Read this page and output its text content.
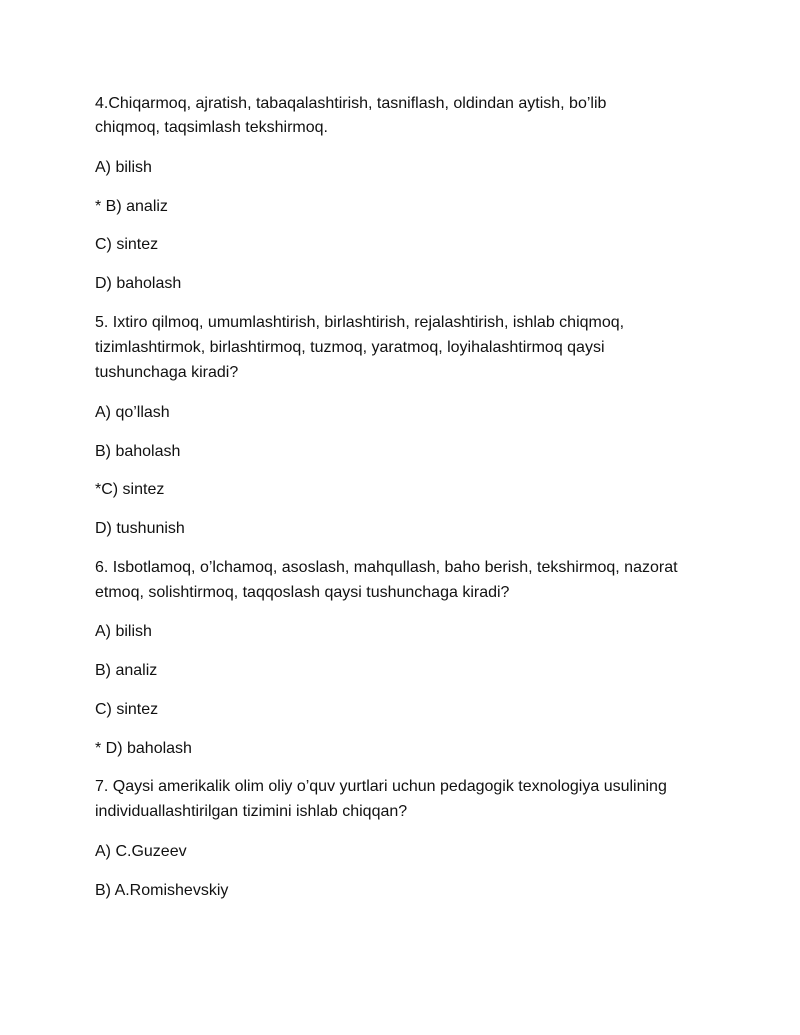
4.Chiqarmoq, ajratish, tabaqalashtirish, tasniflash, oldindan aytish, bo’lib
chiqmoq, taqsimlash tekshirmoq.
A) bilish
* B) analiz
C) sintez
D) baholash
5. Ixtiro qilmoq, umumlashtirish, birlashtirish, rejalashtirish, ishlab chiqmoq,
tizimlashtirmok, birlashtirmoq, tuzmoq, yaratmoq, loyihalashtirmoq qaysi
tushunchaga kiradi?
A) qo’llash
B) baholash
*C) sintez
D) tushunish
6. Isbotlamoq, o’lchamoq, asoslash, mahqullash, baho berish, tekshirmoq, nazorat
etmoq, solishtirmoq, taqqoslash qaysi tushunchaga kiradi?
A) bilish
B) analiz
C) sintez
* D) baholash
7. Qaysi amerikalik olim oliy o’quv yurtlari uchun pedagogik texnologiya usulining
individuallashtirilgan tizimini ishlab chiqqan?
A) C.Guzeev
B) A.Romishevskiy
